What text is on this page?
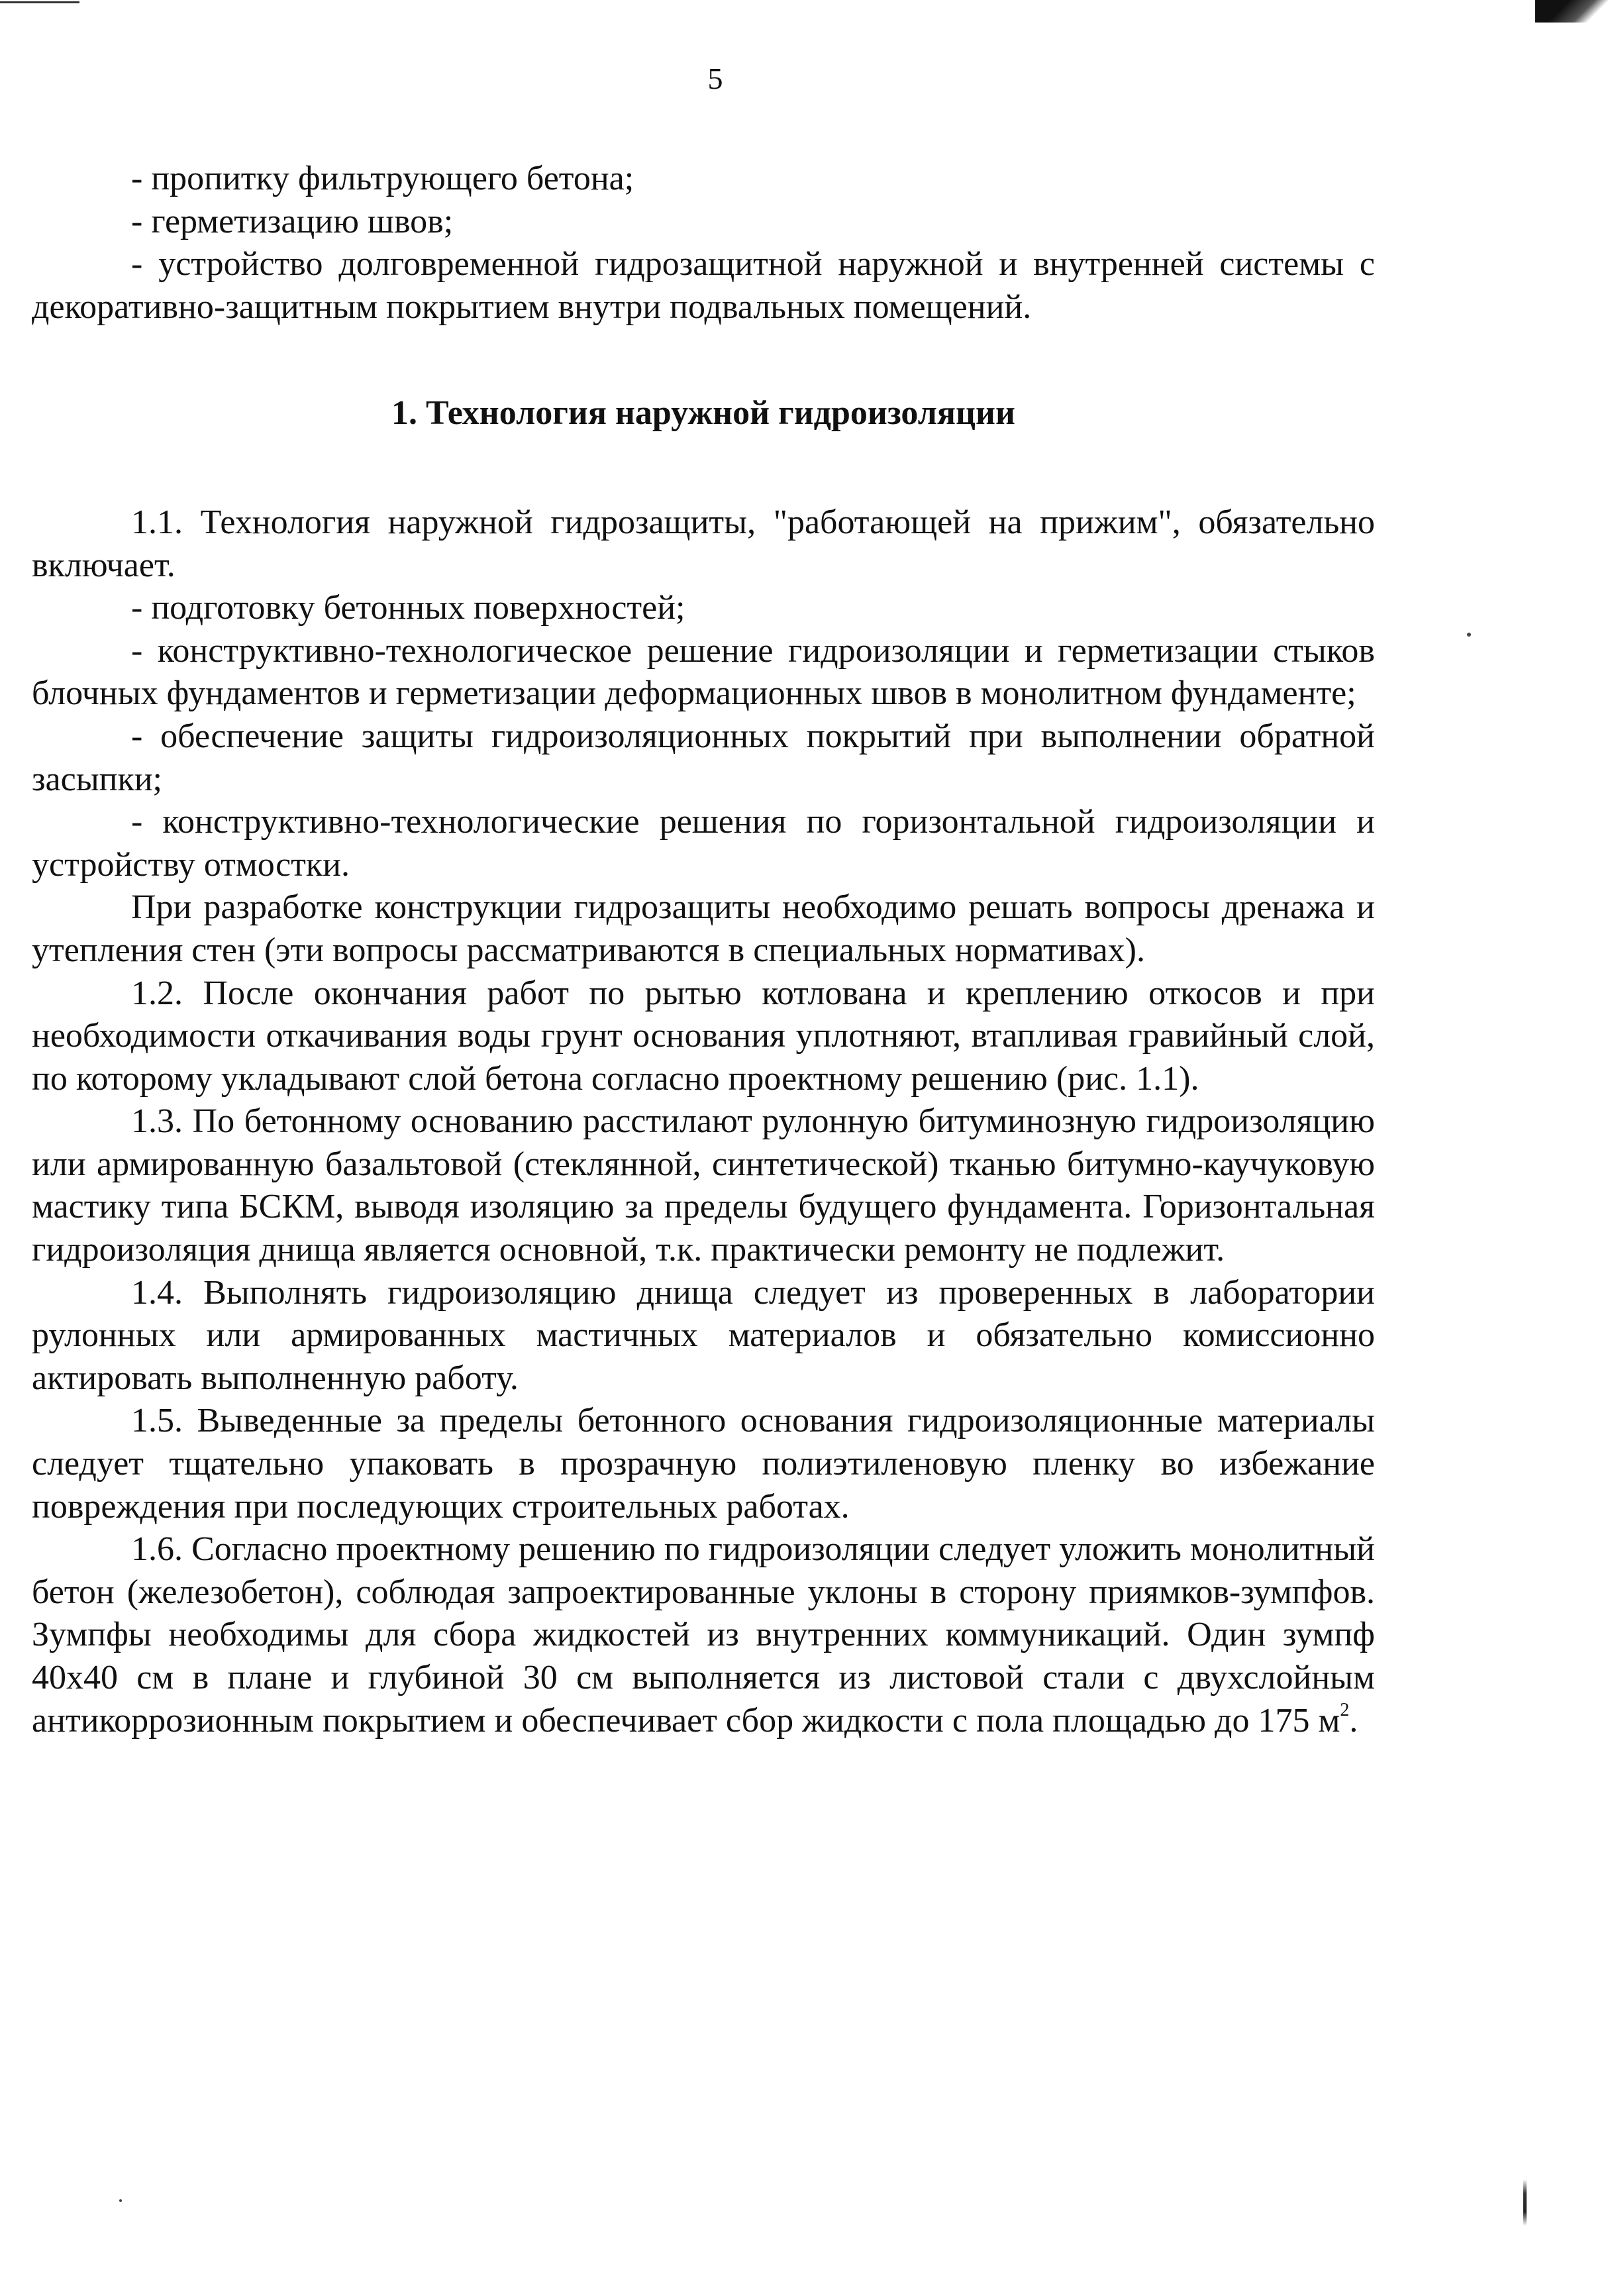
5

- пропитку фильтрующего бетона;

- герметизацию швов;

- устройство долговременной гидрозащитной наружной и внутренней системы с декоративно-защитным покрытием внутри подвальных помещений.

1. Технология наружной гидроизоляции

1.1. Технология наружной гидрозащиты, "работающей на прижим", обязательно включает.

- подготовку бетонных поверхностей;

- конструктивно-технологическое решение гидроизоляции и герметизации стыков блочных фундаментов и герметизации деформационных швов в монолитном фундаменте;

- обеспечение защиты гидроизоляционных покрытий при выполнении обратной засыпки;

- конструктивно-технологические решения по горизонтальной гидроизоляции и устройству отмостки.

При разработке конструкции гидрозащиты необходимо решать вопросы дренажа и утепления стен (эти вопросы рассматриваются в специальных нормативах).

1.2. После окончания работ по рытью котлована и креплению откосов и при необходимости откачивания воды грунт основания уплотняют, втапливая гравийный слой, по которому укладывают слой бетона согласно проектному решению (рис. 1.1).

1.3. По бетонному основанию расстилают рулонную битуминозную гидроизоляцию или армированную базальтовой (стеклянной, синтетической) тканью битумно-каучуковую мастику типа БСКМ, выводя изоляцию за пределы будущего фундамента. Горизонтальная гидроизоляция днища является основной, т.к. практически ремонту не подлежит.

1.4. Выполнять гидроизоляцию днища следует из проверенных в лаборатории рулонных или армированных мастичных материалов и обязательно комиссионно актировать выполненную работу.

1.5. Выведенные за пределы бетонного основания гидроизоляционные материалы следует тщательно упаковать в прозрачную полиэтиленовую пленку во избежание повреждения при последующих строительных работах.

1.6. Согласно проектному решению по гидроизоляции следует уложить монолитный бетон (железобетон), соблюдая запроектированные уклоны в сторону приямков-зумпфов. Зумпфы необходимы для сбора жидкостей из внутренних коммуникаций. Один зумпф 40х40 см в плане и глубиной 30 см выполняется из листовой стали с двухслойным антикоррозионным покрытием и обеспечивает сбор жидкости с пола площадью до 175 $м^2$.
